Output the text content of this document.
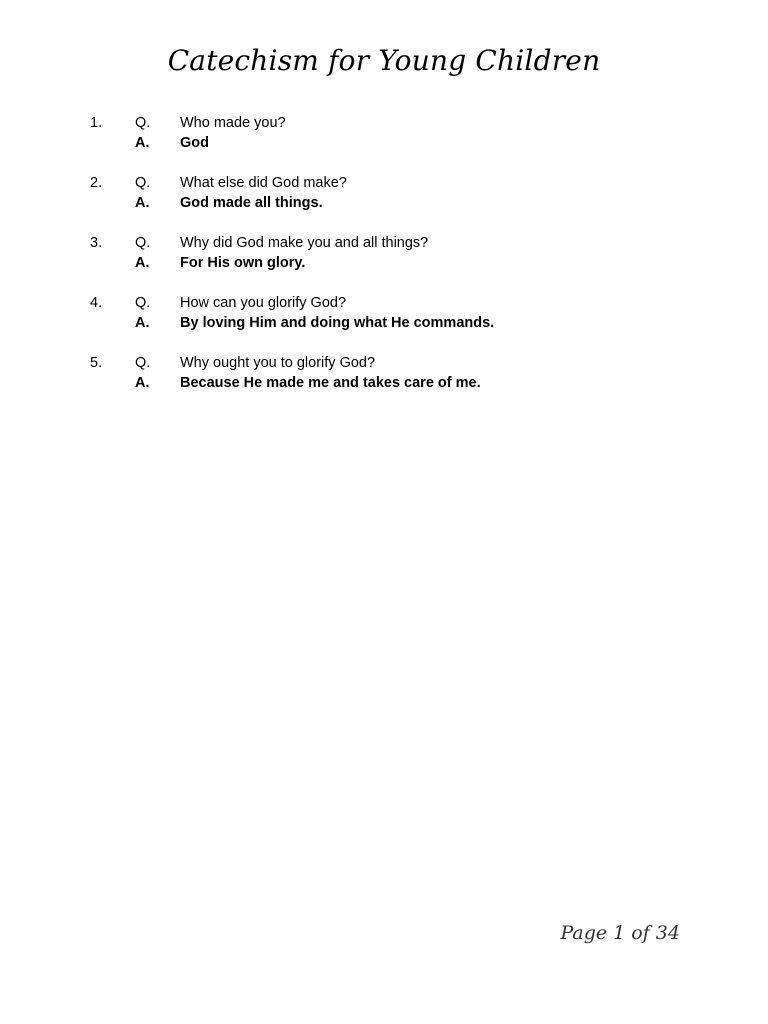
Catechism for Young Children
1. Q. Who made you?
A. God
2. Q. What else did God make?
A. God made all things.
3. Q. Why did God make you and all things?
A. For His own glory.
4. Q. How can you glorify God?
A. By loving Him and doing what He commands.
5. Q. Why ought you to glorify God?
A. Because He made me and takes care of me.
Page 1 of 34
